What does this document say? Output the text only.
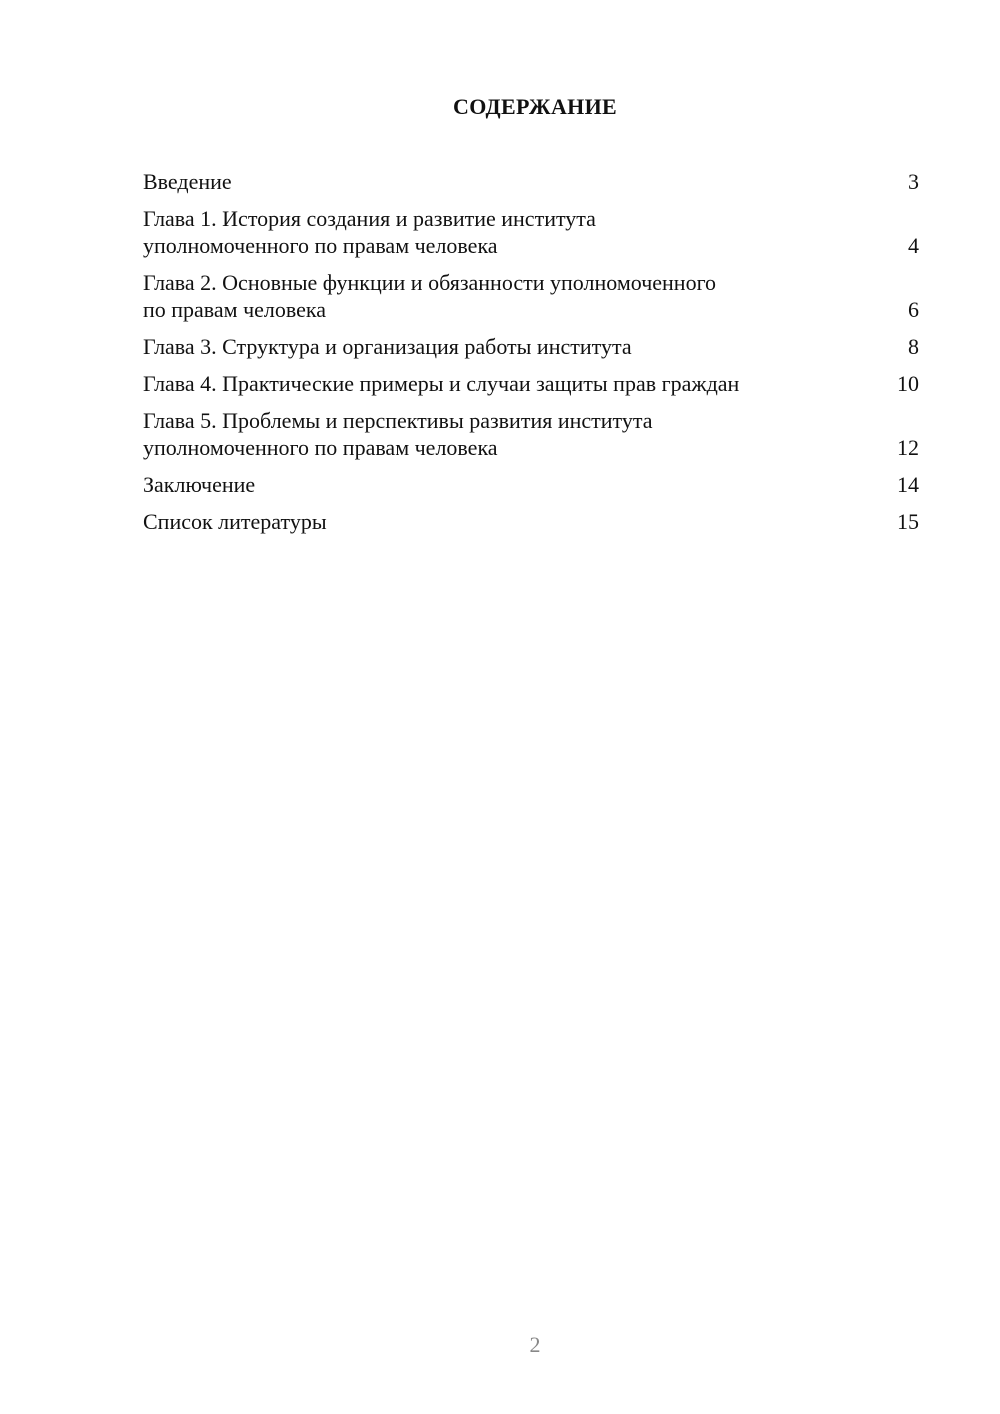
СОДЕРЖАНИЕ
Введение	3
Глава 1. История создания и развитие института
уполномоченного по правам человека	4
Глава 2. Основные функции и обязанности уполномоченного
по правам человека	6
Глава 3. Структура и организация работы института	8
Глава 4. Практические примеры и случаи защиты прав граждан	10
Глава 5. Проблемы и перспективы развития института
уполномоченного по правам человека	12
Заключение	14
Список литературы	15
2
